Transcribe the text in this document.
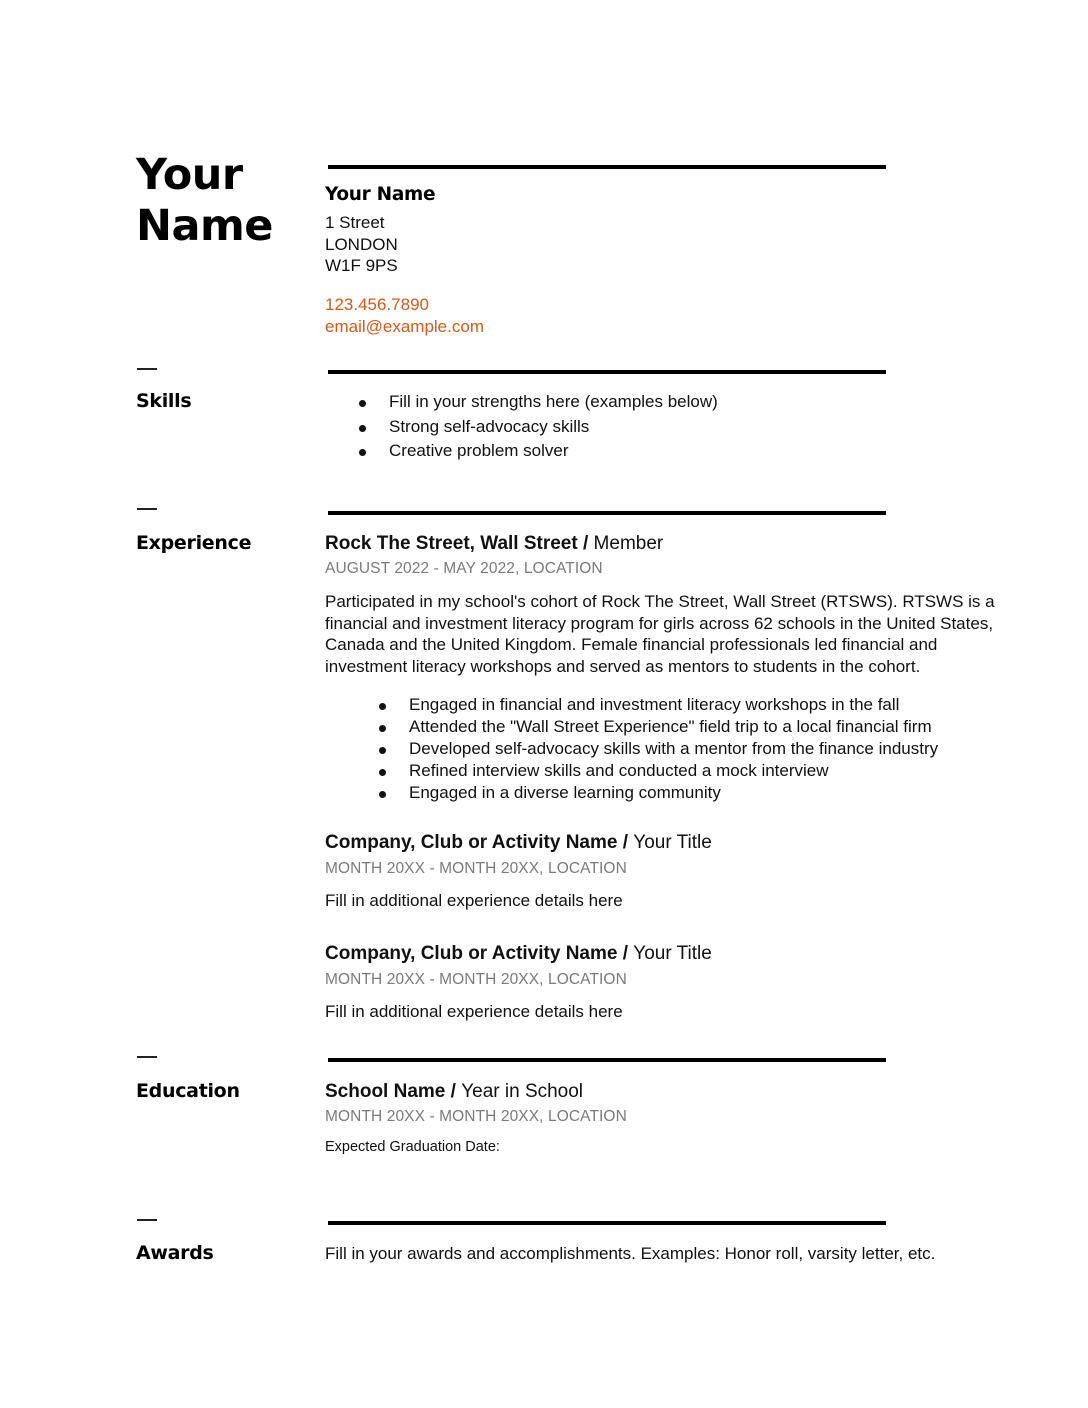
Your Name
Your Name
1 Street
LONDON
W1F 9PS
123.456.7890
email@example.com
Skills	Fill in your strengths here (examples below)
Strong self-advocacy skills
Creative problem solver
Experience	Rock The Street, Wall Street / Member
AUGUST 2022 - MAY 2022, LOCATION
Participated in my school's cohort of Rock The Street, Wall Street (RTSWS). RTSWS is a financial and investment literacy program for girls across 62 schools in the United States, Canada and the United Kingdom. Female financial professionals led financial and investment literacy workshops and served as mentors to students in the cohort.
Engaged in financial and investment literacy workshops in the fall
Attended the "Wall Street Experience" field trip to a local financial firm
Developed self-advocacy skills with a mentor from the finance industry
Refined interview skills and conducted a mock interview
Engaged in a diverse learning community
Company, Club or Activity Name / Your Title
MONTH 20XX - MONTH 20XX, LOCATION
Fill in additional experience details here
Company, Club or Activity Name / Your Title
MONTH 20XX - MONTH 20XX, LOCATION
Fill in additional experience details here
Education	School Name / Year in School
MONTH 20XX - MONTH 20XX, LOCATION
Expected Graduation Date:
Awards	Fill in your awards and accomplishments. Examples: Honor roll, varsity letter, etc.
